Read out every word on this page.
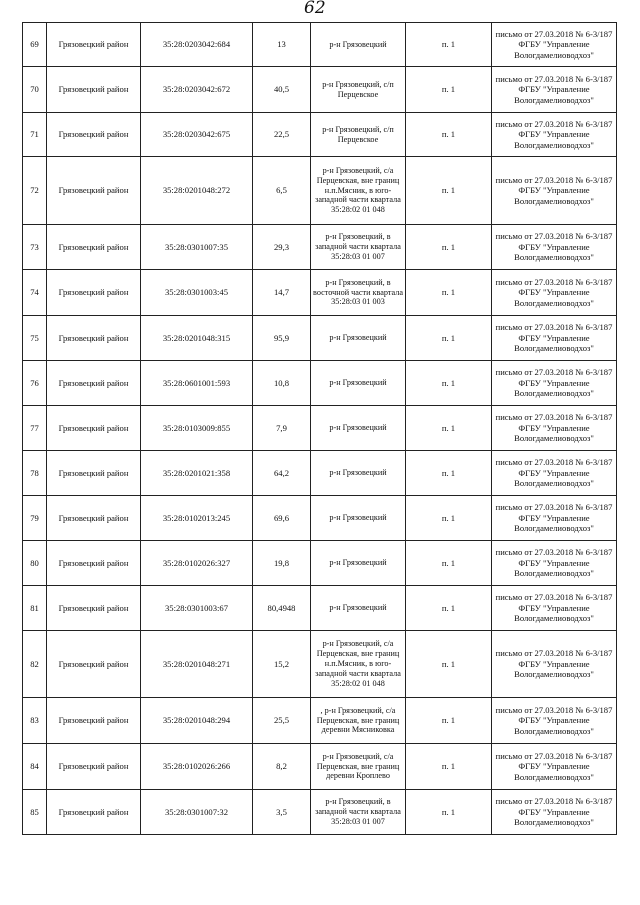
62
69	Грязовецкий район	35:28:0203042:684	13	р-н Грязовецкий	п. 1	письмо от 27.03.2018 № 6-3/187 ФГБУ "Управление Вологдамелиоводхоз"
70	Грязовецкий район	35:28:0203042:672	40,5	р-н Грязовецкий, с/п Перцевское	п. 1	письмо от 27.03.2018 № 6-3/187 ФГБУ "Управление Вологдамелиоводхоз"
71	Грязовецкий район	35:28:0203042:675	22,5	р-н Грязовецкий, с/п Перцевское	п. 1	письмо от 27.03.2018 № 6-3/187 ФГБУ "Управление Вологдамелиоводхоз"
72	Грязовецкий район	35:28:0201048:272	6,5	р-н Грязовецкий, с/а Перцевская, вне границ н.п.Мясник, в юго-западной части квартала 35:28:02 01 048	п. 1	письмо от 27.03.2018 № 6-3/187 ФГБУ "Управление Вологдамелиоводхоз"
73	Грязовецкий район	35:28:0301007:35	29,3	р-н Грязовецкий, в западной части квартала 35:28:03 01 007	п. 1	письмо от 27.03.2018 № 6-3/187 ФГБУ "Управление Вологдамелиоводхоз"
74	Грязовецкий район	35:28:0301003:45	14,7	р-н Грязовецкий, в восточной части квартала 35:28:03 01 003	п. 1	письмо от 27.03.2018 № 6-3/187 ФГБУ "Управление Вологдамелиоводхоз"
75	Грязовецкий район	35:28:0201048:315	95,9	р-н Грязовецкий	п. 1	письмо от 27.03.2018 № 6-3/187 ФГБУ "Управление Вологдамелиоводхоз"
76	Грязовецкий район	35:28:0601001:593	10,8	р-н Грязовецкий	п. 1	письмо от 27.03.2018 № 6-3/187 ФГБУ "Управление Вологдамелиоводхоз"
77	Грязовецкий район	35:28:0103009:855	7,9	р-н Грязовецкий	п. 1	письмо от 27.03.2018 № 6-3/187 ФГБУ "Управление Вологдамелиоводхоз"
78	Грязовецкий район	35:28:0201021:358	64,2	р-н Грязовецкий	п. 1	письмо от 27.03.2018 № 6-3/187 ФГБУ "Управление Вологдамелиоводхоз"
79	Грязовецкий район	35:28:0102013:245	69,6	р-н Грязовецкий	п. 1	письмо от 27.03.2018 № 6-3/187 ФГБУ "Управление Вологдамелиоводхоз"
80	Грязовецкий район	35:28:0102026:327	19,8	р-н Грязовецкий	п. 1	письмо от 27.03.2018 № 6-3/187 ФГБУ "Управление Вологдамелиоводхоз"
81	Грязовецкий район	35:28:0301003:67	80,4948	р-н Грязовецкий	п. 1	письмо от 27.03.2018 № 6-3/187 ФГБУ "Управление Вологдамелиоводхоз"
82	Грязовецкий район	35:28:0201048:271	15,2	р-н Грязовецкий, с/а Перцевская, вне границ н.п.Мясник, в юго-западной части квартала 35:28:02 01 048	п. 1	письмо от 27.03.2018 № 6-3/187 ФГБУ "Управление Вологдамелиоводхоз"
83	Грязовецкий район	35:28:0201048:294	25,5	, р-н Грязовецкий, с/а Перцевская, вне границ деревни Мясниковка	п. 1	письмо от 27.03.2018 № 6-3/187 ФГБУ "Управление Вологдамелиоводхоз"
84	Грязовецкий район	35:28:0102026:266	8,2	р-н Грязовецкий, с/а Перцевская, вне границ деревни Кроплево	п. 1	письмо от 27.03.2018 № 6-3/187 ФГБУ "Управление Вологдамелиоводхоз"
85	Грязовецкий район	35:28:0301007:32	3,5	р-н Грязовецкий, в западной части квартала 35:28:03 01 007	п. 1	письмо от 27.03.2018 № 6-3/187 ФГБУ "Управление Вологдамелиоводхоз"
